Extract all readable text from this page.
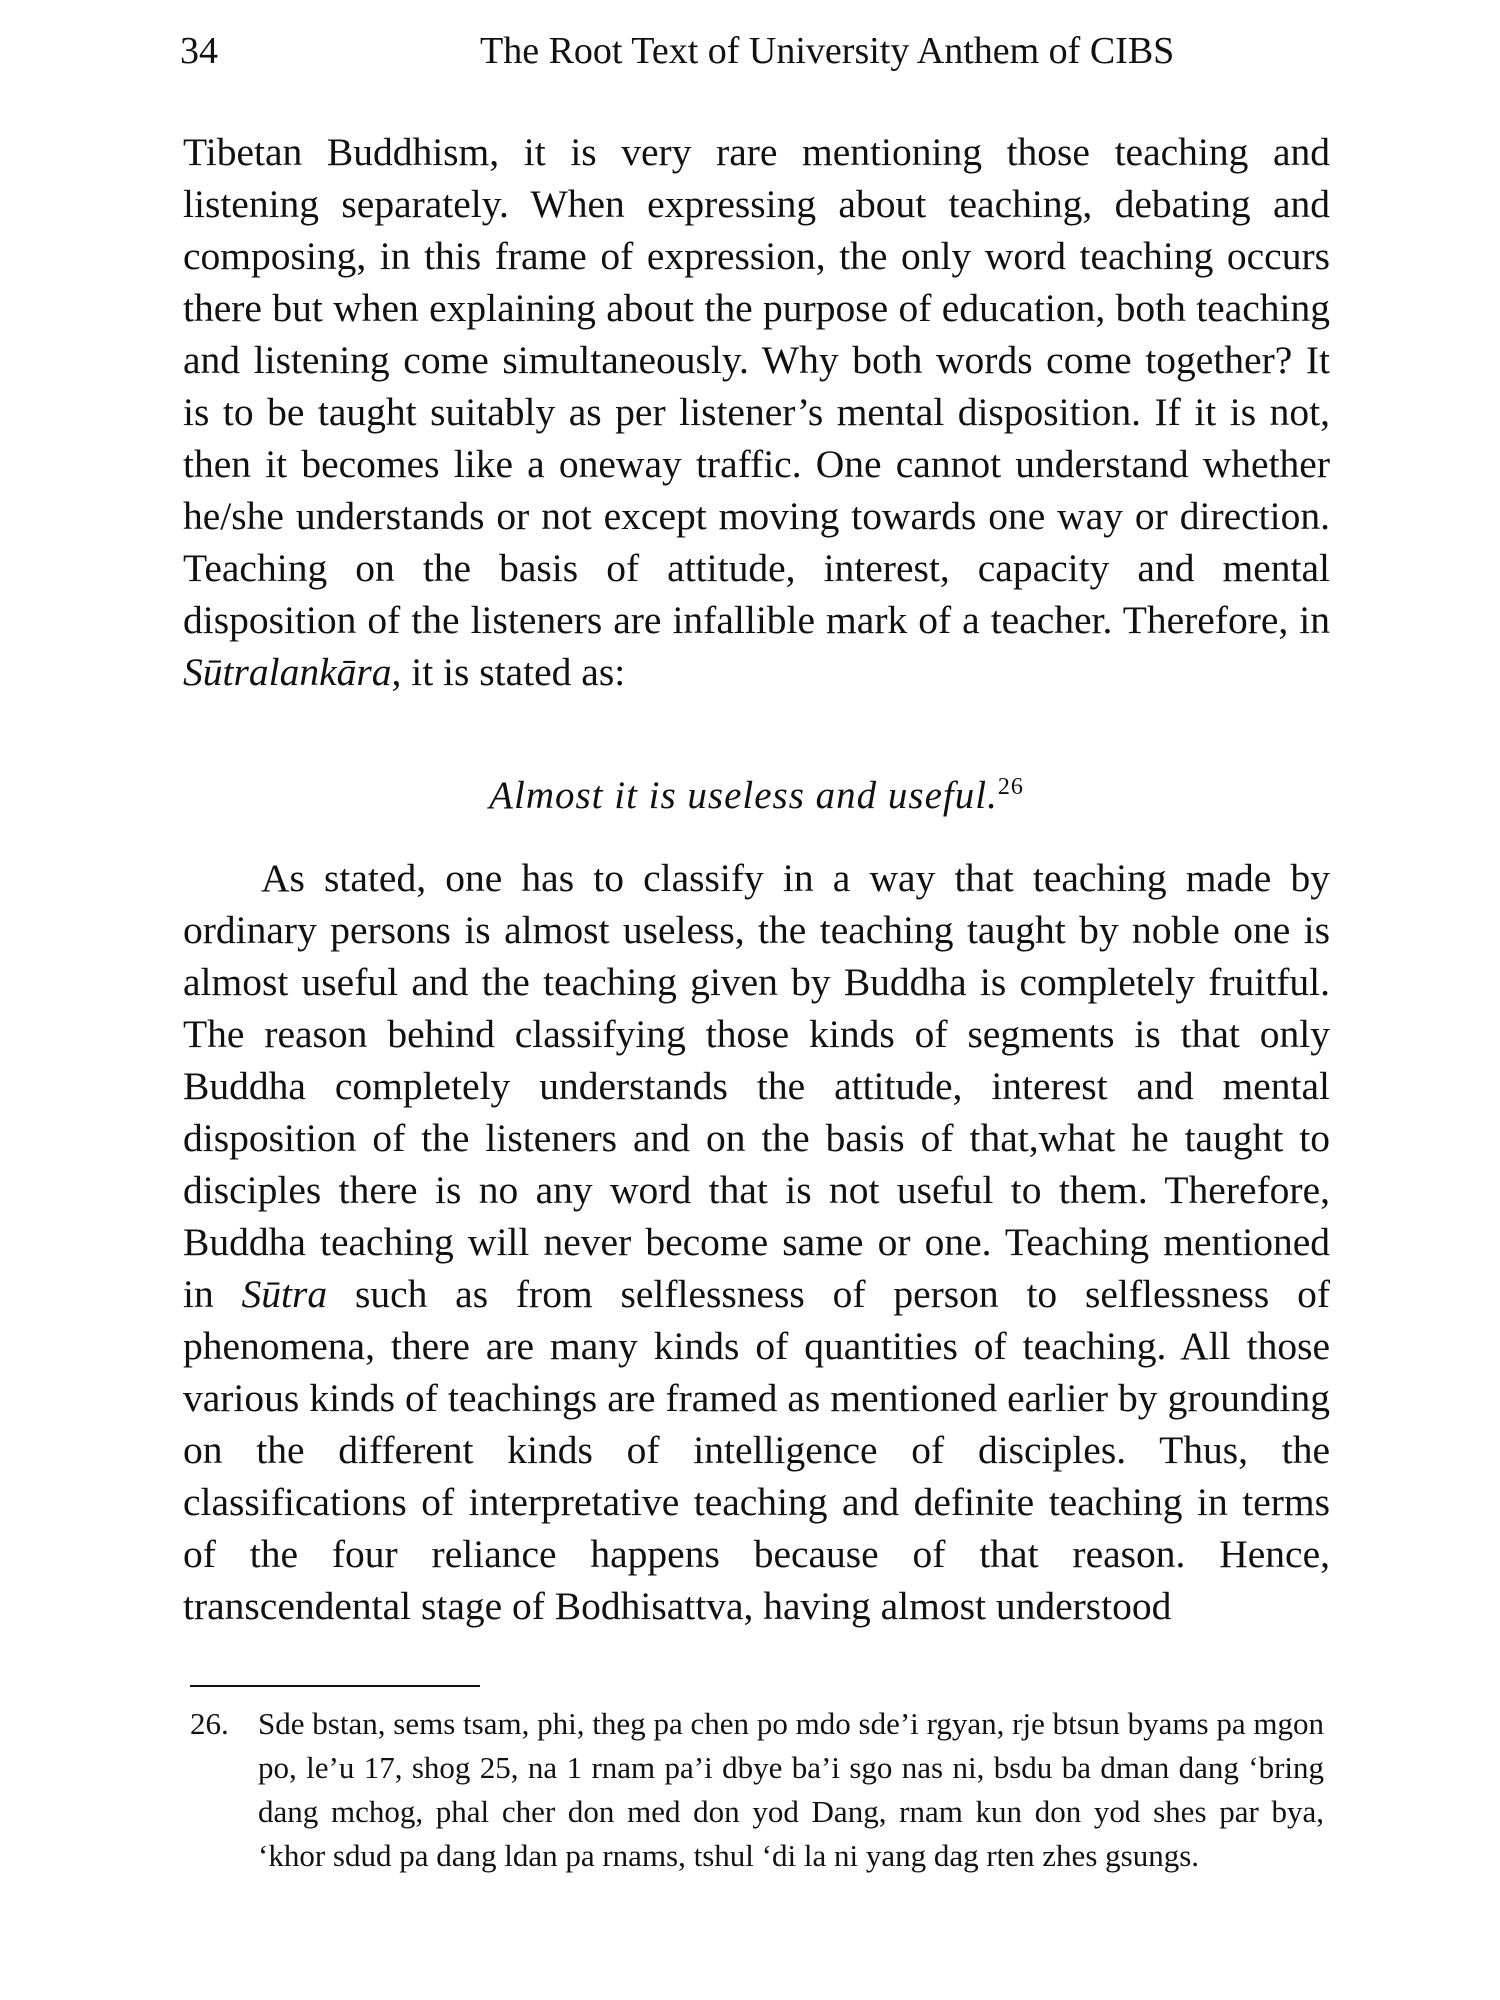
34	The Root Text of University Anthem of CIBS

Tibetan Buddhism, it is very rare mentioning those teaching and listening separately. When expressing about teaching, debating and composing, in this frame of expression, the only word teaching occurs there but when explaining about the purpose of education, both teaching and listening come simultaneously. Why both words come together? It is to be taught suitably as per listener’s mental disposition. If it is not, then it becomes like a oneway traffic. One cannot understand whether he/she understands or not except moving towards one way or direction. Teaching on the basis of attitude, interest, capacity and mental disposition of the listeners are infallible mark of a teacher. Therefore, in Sūtralankāra, it is stated as:

Almost it is useless and useful.$^{26}$

As stated, one has to classify in a way that teaching made by ordinary persons is almost useless, the teaching taught by noble one is almost useful and the teaching given by Buddha is completely fruitful. The reason behind classifying those kinds of segments is that only Buddha completely understands the attitude, interest and mental disposition of the listeners and on the basis of that,what he taught to disciples there is no any word that is not useful to them. Therefore, Buddha teaching will never become same or one. Teaching mentioned in Sūtra such as from selflessness of person to selflessness of phenomena, there are many kinds of quantities of teaching. All those various kinds of teachings are framed as mentioned earlier by grounding on the different kinds of intelligence of disciples. Thus, the classifications of interpretative teaching and definite teaching in terms of the four reliance happens because of that reason. Hence, transcendental stage of Bodhisattva, having almost understood

26. Sde bstan, sems tsam, phi, theg pa chen po mdo sde’i rgyan, rje btsun byams pa mgon po, le’u 17, shog 25, na 1 rnam pa’i dbye ba’i sgo nas ni, bsdu ba dman dang ‘bring dang mchog, phal cher don med don yod Dang, rnam kun don yod shes par bya, ‘khor sdud pa dang ldan pa rnams, tshul ‘di la ni yang dag rten zhes gsungs.
